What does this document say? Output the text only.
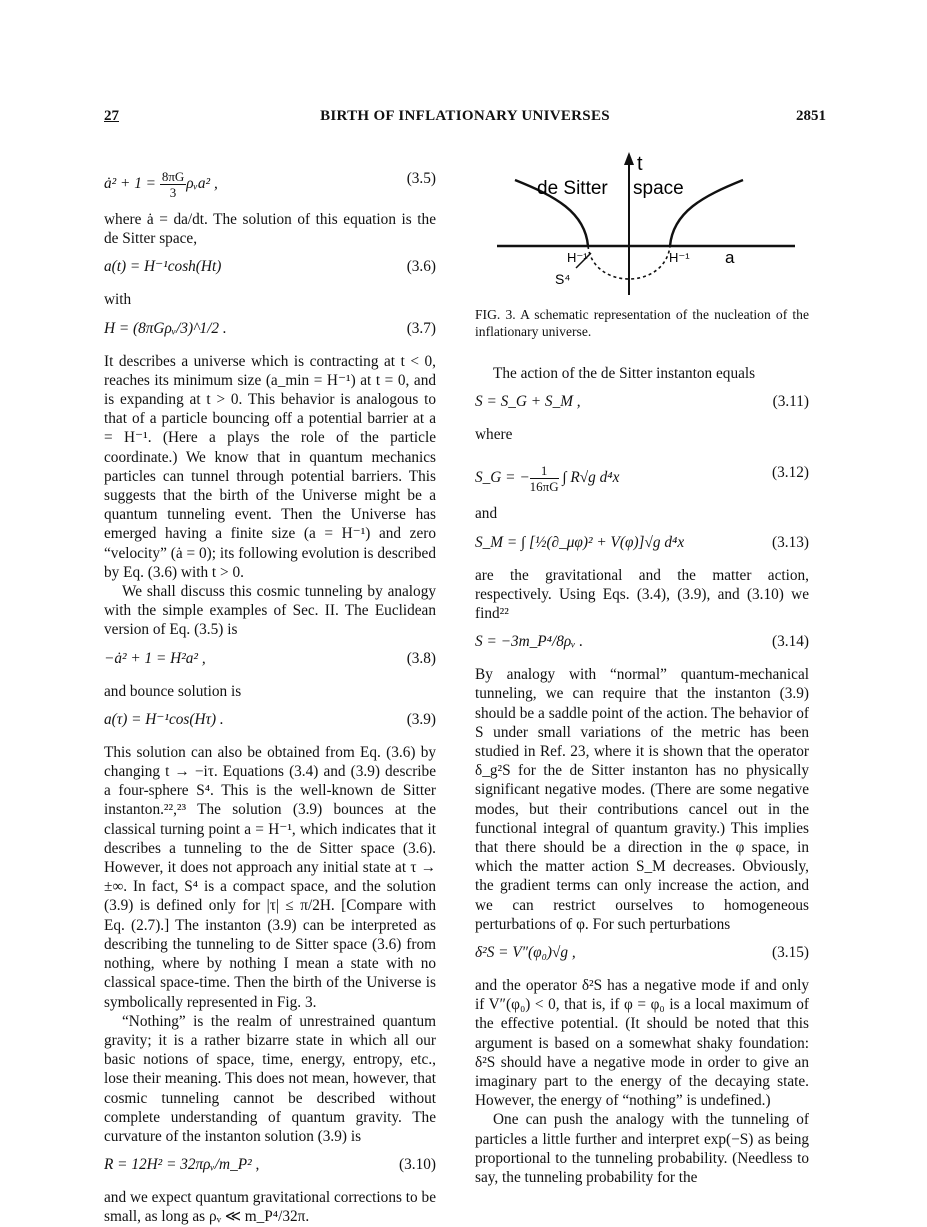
27	BIRTH OF INFLATIONARY UNIVERSES	2851
ȧ² + $1 = \frac{8\pi G}{3}$ ρᵥa² ,	(3.5)

where ȧ = da/dt. The solution of this equation is the de Sitter space,

a(t) = H⁻¹cosh(Ht)	(3.6)

with

H = (8πGρᵥ/3)^1/2 .	(3.7)

It describes a universe which is contracting at t < 0, reaches its minimum size (a_min = H⁻¹) at t = 0, and is expanding at t > 0. This behavior is analogous to that of a particle bouncing off a potential barrier at a = H⁻¹. (Here a plays the role of the particle coordinate.) We know that in quantum mechanics particles can tunnel through potential barriers. This suggests that the birth of the Universe might be a quantum tunneling event. Then the Universe has emerged having a finite size (a = H⁻¹) and zero “velocity” (ȧ = 0); its following evolution is described by Eq. (3.6) with t > 0.

We shall discuss this cosmic tunneling by analogy with the simple examples of Sec. II. The Euclidean version of Eq. (3.5) is

−ȧ² + 1 = H²a² ,	(3.8)

and bounce solution is

a(τ) = H⁻¹cos(Hτ) .	(3.9)

This solution can also be obtained from Eq. (3.6) by changing t → −iτ. Equations (3.4) and (3.9) describe a four-sphere S⁴. This is the well-known de Sitter instanton.²²,²³ The solution (3.9) bounces at the classical turning point a = H⁻¹, which indicates that it describes a tunneling to the de Sitter space (3.6). However, it does not approach any initial state at τ → ±∞. In fact, S⁴ is a compact space, and the solution (3.9) is defined only for |τ| ≤ π/2H. [Compare with Eq. (2.7).] The instanton (3.9) can be interpreted as describing the tunneling to de Sitter space (3.6) from nothing, where by nothing I mean a state with no classical space-time. Then the birth of the Universe is symbolically represented in Fig. 3.

“Nothing” is the realm of unrestrained quantum gravity; it is a rather bizarre state in which all our basic notions of space, time, energy, entropy, etc., lose their meaning. This does not mean, however, that cosmic tunneling cannot be described without complete understanding of quantum gravity. The curvature of the instanton solution (3.9) is

R = 12H² = 32πρᵥ/m_P² ,	(3.10)

and we expect quantum gravitational corrections to be small, as long as ρᵥ ≪ m_P⁴/32π.

t
de Sitter space
a
H⁻¹	H⁻¹
S⁴

FIG. 3. A schematic representation of the nucleation of the inflationary universe.

The action of the de Sitter instanton equals

S = S_G + S_M ,	(3.11)

where

S_G = − $\frac{1}{16\pi G}$ ∫ R√g d⁴x	(3.12)

and

S_M = ∫ [½(∂_μφ)² + V(φ)]√g d⁴x	(3.13)

are the gravitational and the matter action, respectively. Using Eqs. (3.4), (3.9), and (3.10) we find²²

S = −3m_P⁴/8ρᵥ .	(3.14)

By analogy with “normal” quantum-mechanical tunneling, we can require that the instanton (3.9) should be a saddle point of the action. The behavior of S under small variations of the metric has been studied in Ref. 23, where it is shown that the operator δ_g²S for the de Sitter instanton has no physically significant negative modes. (There are some negative modes, but their contributions cancel out in the functional integral of quantum gravity.) This implies that there should be a direction in the φ space, in which the matter action S_M decreases. Obviously, the gradient terms can only increase the action, and we can restrict ourselves to homogeneous perturbations of φ. For such perturbations

δ²S = V″(φ₀)√g ,	(3.15)

and the operator δ²S has a negative mode if and only if V″(φ₀) < 0, that is, if φ = φ₀ is a local maximum of the effective potential. (It should be noted that this argument is based on a somewhat shaky foundation: δ²S should have a negative mode in order to give an imaginary part to the energy of the decaying state. However, the energy of “nothing” is undefined.)

One can push the analogy with the tunneling of particles a little further and interpret exp(−S) as being proportional to the tunneling probability. (Needless to say, the tunneling probability for the
